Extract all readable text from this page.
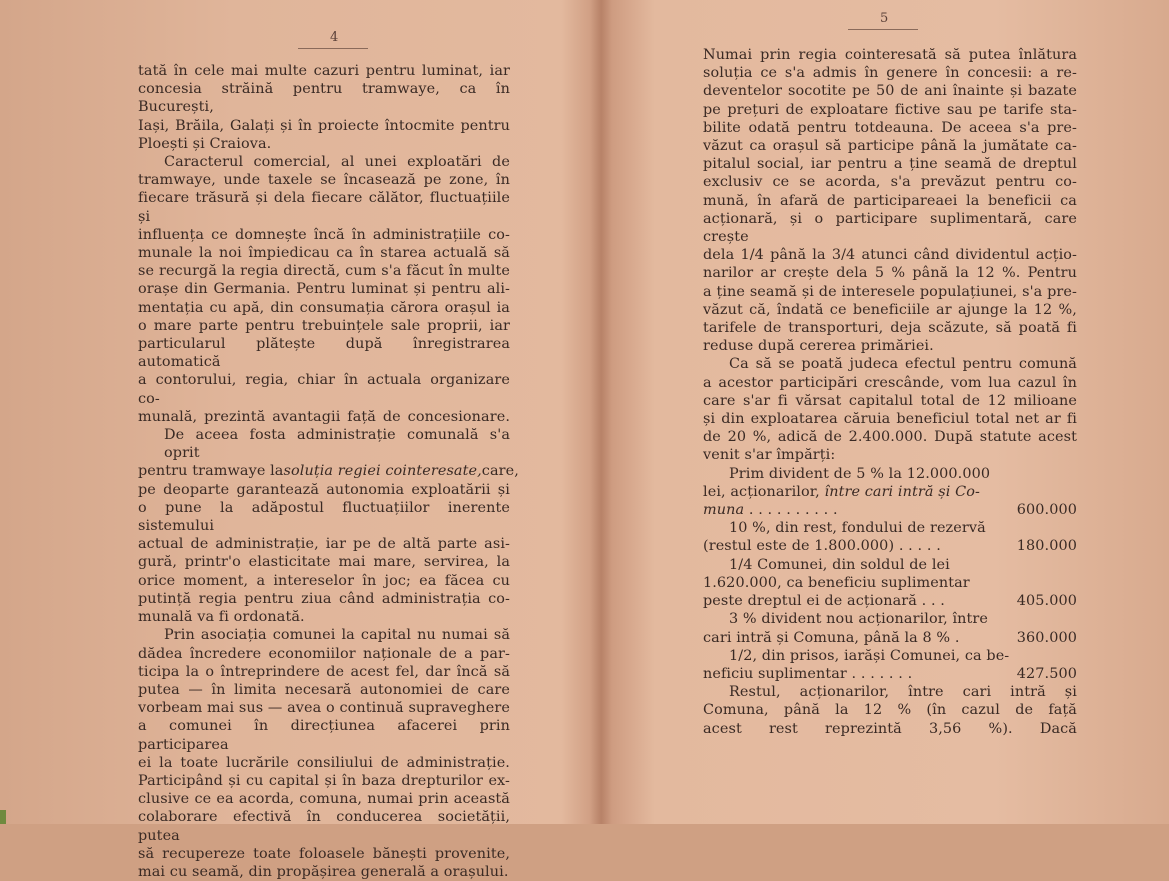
4
tată în cele mai multe cazuri pentru luminat, iar
concesia străină pentru tramwaye, ca în București,
Iași, Brăila, Galați și în proiecte întocmite pentru
Ploești și Craiova.
Caracterul comercial, al unei exploatări de
tramwaye, unde taxele se încasează pe zone, în
fiecare trăsură și dela fiecare călător, fluctuațiile și
influența ce domnește încă în administrațiile co-
munale la noi împiedicau ca în starea actuală să
se recurgă la regia directă, cum s'a făcut în multe
orașe din Germania. Pentru luminat și pentru ali-
mentația cu apă, din consumația cărora orașul ia
o mare parte pentru trebuințele sale proprii, iar
particularul plătește după înregistrarea automatică
a contorului, regia, chiar în actuala organizare co-
munală, prezintă avantagii față de concesionare.
De aceea fosta administrație comunală s'a oprit
pentru tramwaye la soluția regiei cointeresate, care,
pe deoparte garantează autonomia exploatării și
o pune la adăpostul fluctuațiilor inerente sistemului
actual de administrație, iar pe de altă parte asi-
gură, printr'o elasticitate mai mare, servirea, la
orice moment, a intereselor în joc; ea făcea cu
putință regia pentru ziua când administrația co-
munală va fi ordonată.
Prin asociația comunei la capital nu numai să
dădea încredere economiilor naționale de a par-
ticipa la o întreprindere de acest fel, dar încă să
putea — în limita necesară autonomiei de care
vorbeam mai sus — avea o continuă supraveghere
a comunei în direcțiunea afacerei prin participarea
ei la toate lucrările consiliului de administrație.
Participând și cu capital și în baza drepturilor ex-
clusive ce ea acorda, comuna, numai prin această
colaborare efectivă în conducerea societății, putea
să recupereze toate foloasele bănești provenite,
mai cu seamă, din propășirea generală a orașului.
5
Numai prin regia cointeresată să putea înlătura
soluția ce s'a admis în genere în concesii: a re-
deventelor socotite pe 50 de ani înainte și bazate
pe prețuri de exploatare fictive sau pe tarife sta-
bilite odată pentru totdeauna. De aceea s'a pre-
văzut ca orașul să participe până la jumătate ca-
pitalul social, iar pentru a ține seamă de dreptul
exclusiv ce se acorda, s'a prevăzut pentru co-
mună, în afară de participareaei la beneficii ca
acționară, și o participare suplimentară, care crește
dela 1/4 până la 3/4 atunci când dividentul acțio-
narilor ar crește dela 5 % până la 12 %. Pentru
a ține seamă și de interesele populațiunei, s'a pre-
văzut că, îndată ce beneficiile ar ajunge la 12 %,
tarifele de transporturi, deja scăzute, să poată fi
reduse după cererea primăriei.
Ca să se poată judeca efectul pentru comună
a acestor participări crescânde, vom lua cazul în
care s'ar fi vărsat capitalul total de 12 milioane
și din exploatarea căruia beneficiul total net ar fi
de 20 %, adică de 2.400.000. După statute acest
venit s'ar împărți:
Prim divident de 5 % la 12.000.000
lei, acționarilor, între cari intră și Co-
muna . . . . . . . . . .	600.000
10 %, din rest, fondului de rezervă
(restul este de 1.800.000) . . . . .	180.000
1/4 Comunei, din soldul de lei
1.620.000, ca beneficiu suplimentar
peste dreptul ei de acționară . . .	405.000
3 % divident nou acționarilor, între
cari intră și Comuna, până la 8 % .	360.000
1/2, din prisos, iarăși Comunei, ca be-
neficiu suplimentar . . . . . . .	427.500
Restul, acționarilor, între cari intră și
Comuna, până la 12 % (în cazul de față
acest rest reprezintă 3,56 %). Dacă
